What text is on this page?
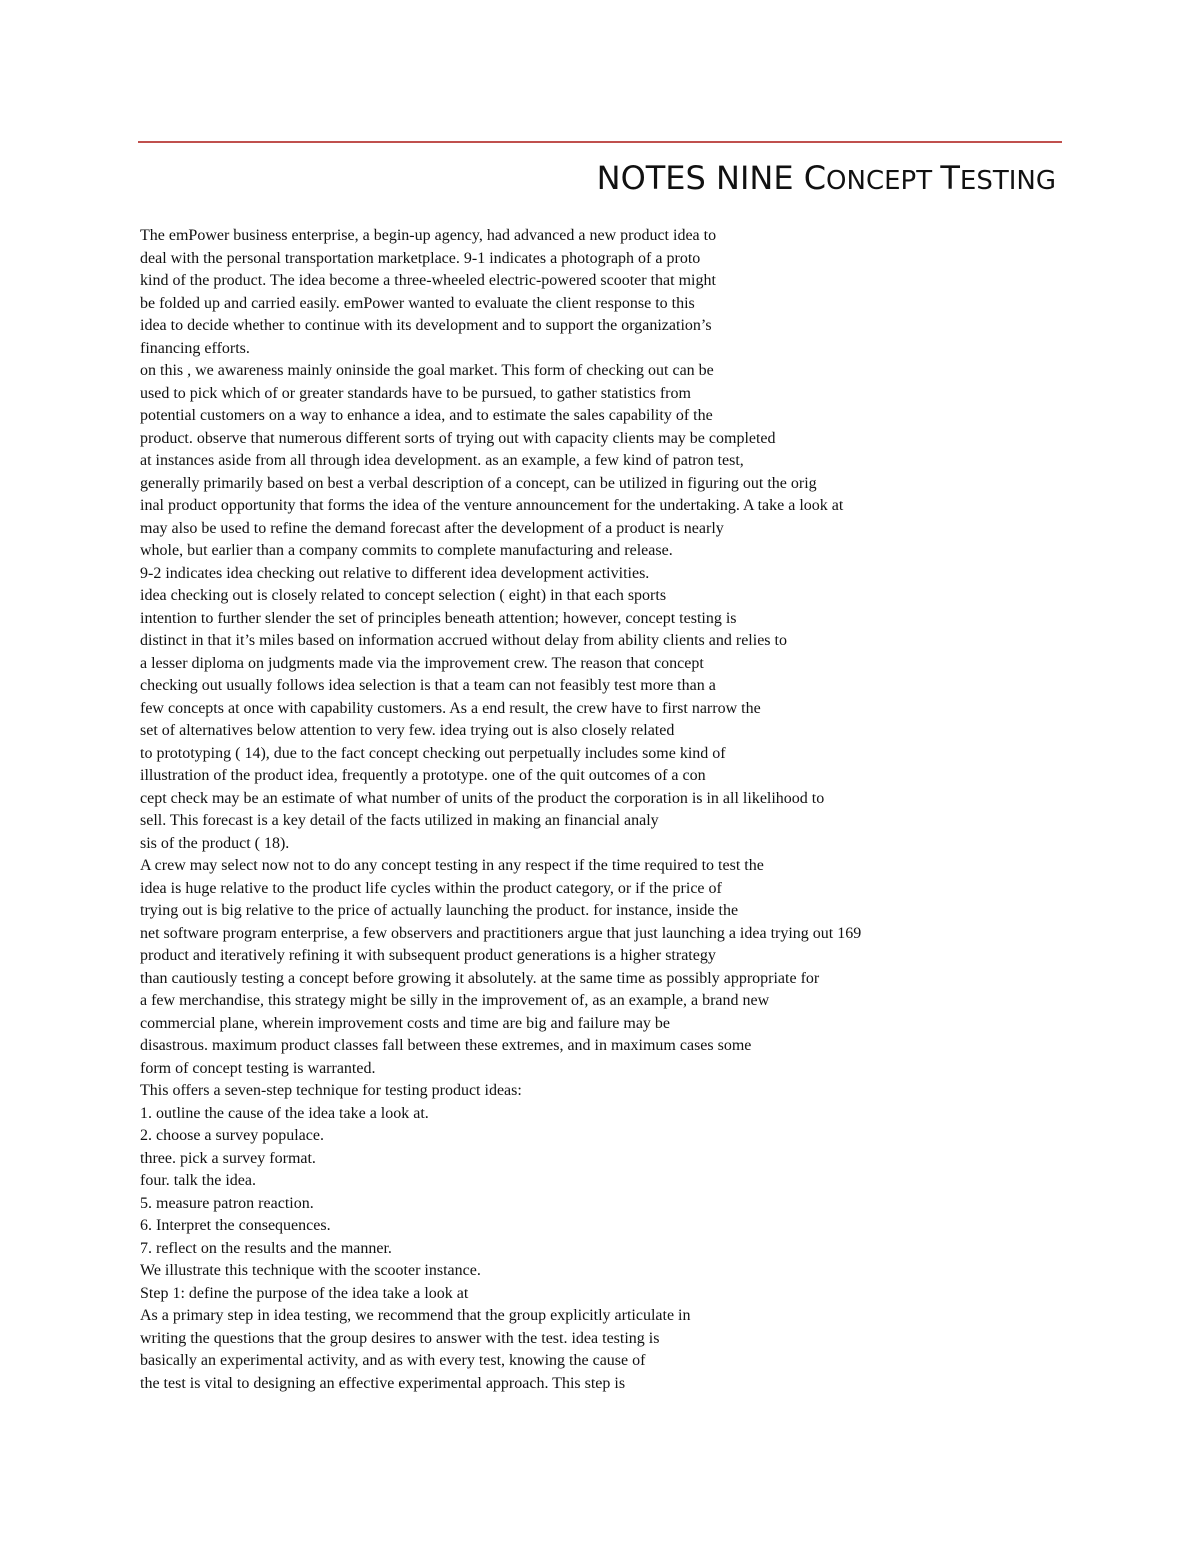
NOTES NINE CONCEPT TESTING
The emPower business enterprise, a begin-up agency, had advanced a new product idea to
deal with the personal transportation marketplace. 9-1 indicates a photograph of a proto
kind of the product. The idea become a three-wheeled electric-powered scooter that might
be folded up and carried easily. emPower wanted to evaluate the client response to this
idea to decide whether to continue with its development and to support the organization’s
financing efforts.
on this , we awareness mainly oninside the goal market. This form of checking out can be
used to pick which of or greater standards have to be pursued, to gather statistics from
potential customers on a way to enhance a idea, and to estimate the sales capability of the
product. observe that numerous different sorts of trying out with capacity clients may be completed
at instances aside from all through idea development. as an example, a few kind of patron test,
generally primarily based on best a verbal description of a concept, can be utilized in figuring out the orig
inal product opportunity that forms the idea of the venture announcement for the undertaking. A take a look at
may also be used to refine the demand forecast after the development of a product is nearly
whole, but earlier than a company commits to complete manufacturing and release.
9-2 indicates idea checking out relative to different idea development activities.
idea checking out is closely related to concept selection ( eight) in that each sports
intention to further slender the set of principles beneath attention; however, concept testing is
distinct in that it’s miles based on information accrued without delay from ability clients and relies to
a lesser diploma on judgments made via the improvement crew. The reason that concept
checking out usually follows idea selection is that a team can not feasibly test more than a
few concepts at once with capability customers. As a end result, the crew have to first narrow the
set of alternatives below attention to very few. idea trying out is also closely related
to prototyping ( 14), due to the fact concept checking out perpetually includes some kind of
illustration of the product idea, frequently a prototype. one of the quit outcomes of a con
cept check may be an estimate of what number of units of the product the corporation is in all likelihood to
sell. This forecast is a key detail of the facts utilized in making an financial analy
sis of the product ( 18).
A crew may select now not to do any concept testing in any respect if the time required to test the
idea is huge relative to the product life cycles within the product category, or if the price of
trying out is big relative to the price of actually launching the product. for instance, inside the
net software program enterprise, a few observers and practitioners argue that just launching a idea trying out 169
product and iteratively refining it with subsequent product generations is a higher strategy
than cautiously testing a concept before growing it absolutely. at the same time as possibly appropriate for
a few merchandise, this strategy might be silly in the improvement of, as an example, a brand new
commercial plane, wherein improvement costs and time are big and failure may be
disastrous. maximum product classes fall between these extremes, and in maximum cases some
form of concept testing is warranted.
This offers a seven-step technique for testing product ideas:
1. outline the cause of the idea take a look at.
2. choose a survey populace.
three. pick a survey format.
four. talk the idea.
5. measure patron reaction.
6. Interpret the consequences.
7. reflect on the results and the manner.
We illustrate this technique with the scooter instance.
Step 1: define the purpose of the idea take a look at
As a primary step in idea testing, we recommend that the group explicitly articulate in
writing the questions that the group desires to answer with the test. idea testing is
basically an experimental activity, and as with every test, knowing the cause of
the test is vital to designing an effective experimental approach. This step is
